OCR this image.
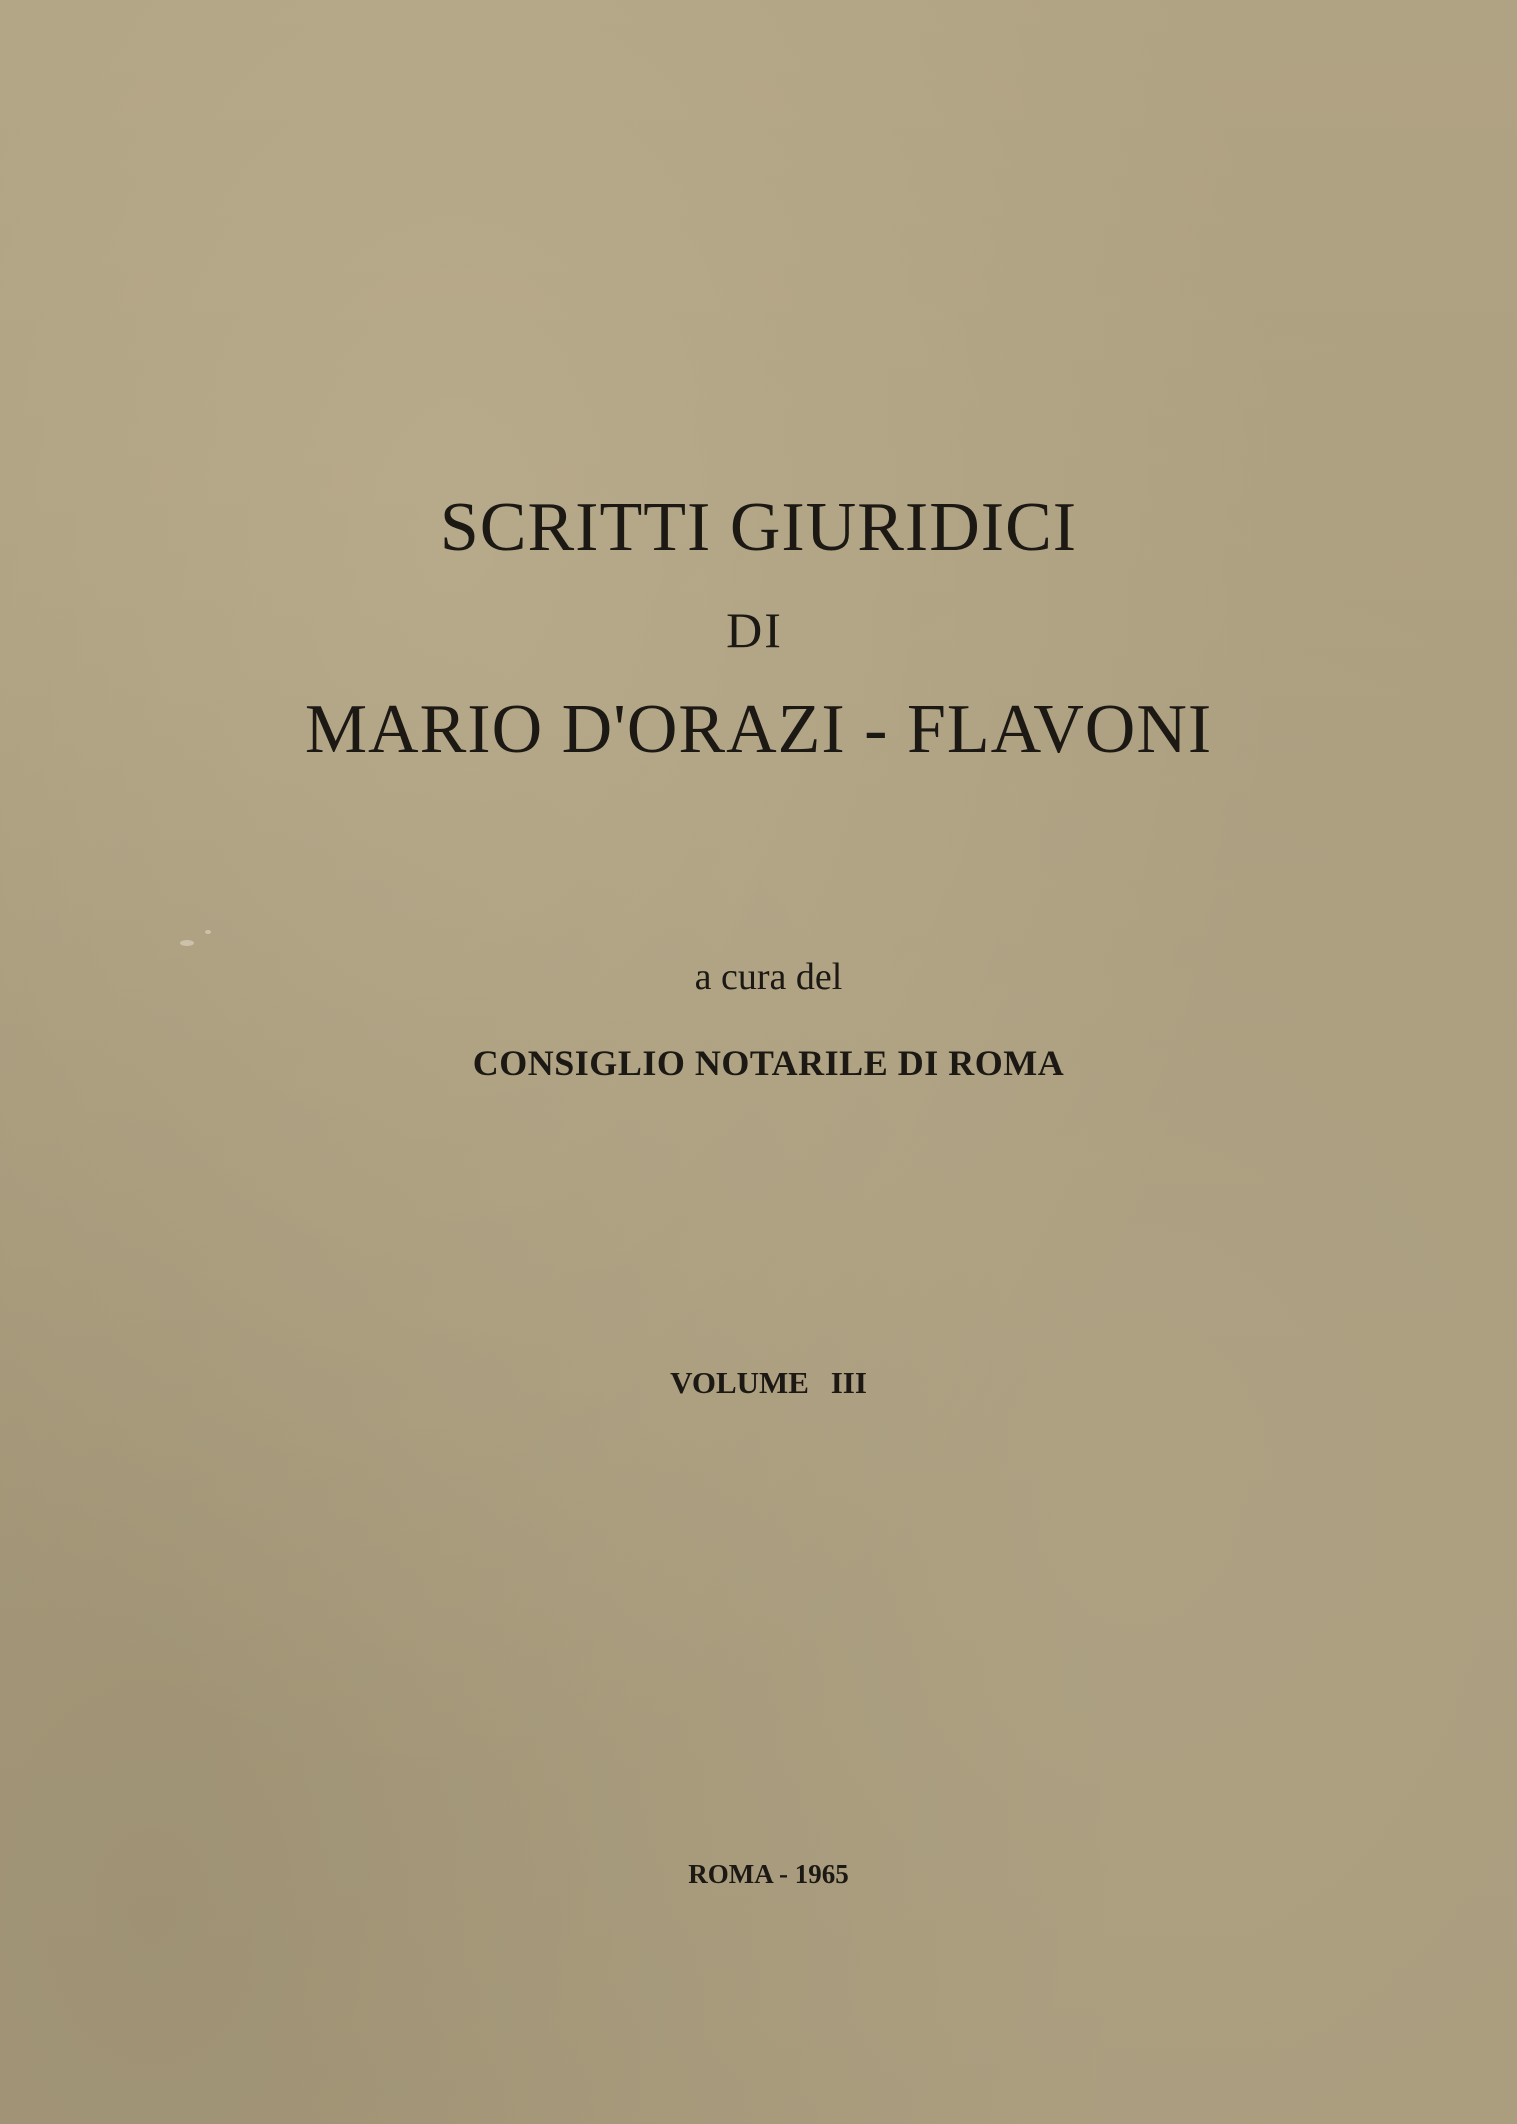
SCRITTI GIURIDICI
DI
MARIO D'ORAZI - FLAVONI
a cura del
CONSIGLIO NOTARILE DI ROMA
VOLUME III
ROMA - 1965
